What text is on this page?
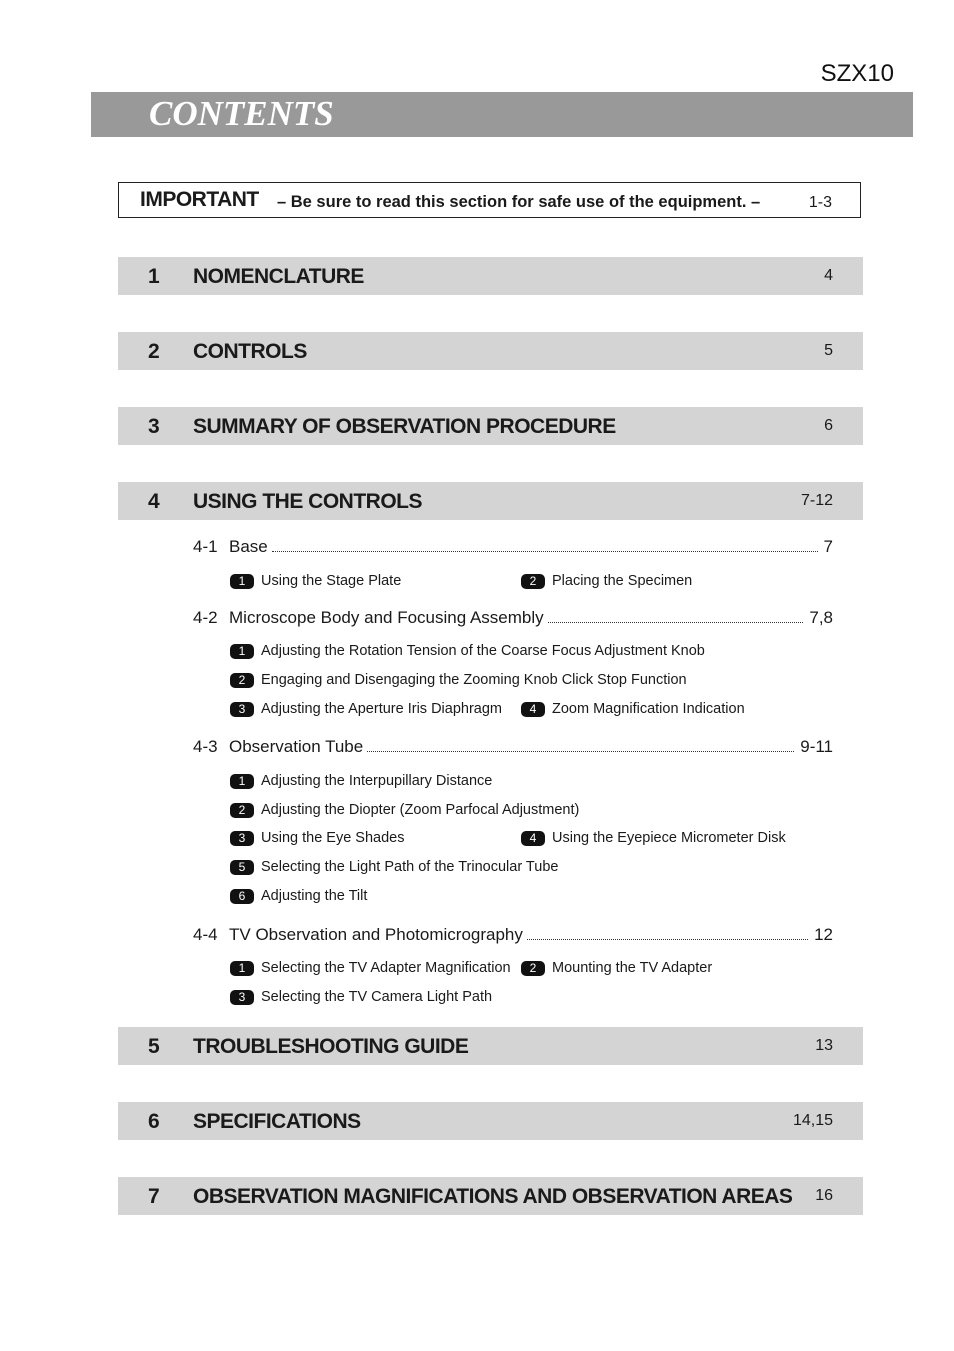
SZX10
CONTENTS
IMPORTANT – Be sure to read this section for safe use of the equipment. –	1-3
1 NOMENCLATURE	4
2 CONTROLS	5
3 SUMMARY OF OBSERVATION PROCEDURE	6
4 USING THE CONTROLS	7-12
4-1 Base	7
1	Using the Stage Plate	2	Placing the Specimen
4-2 Microscope Body and Focusing Assembly	7,8
1	Adjusting the Rotation Tension of the Coarse Focus Adjustment Knob
2	Engaging and Disengaging the Zooming Knob Click Stop Function
3	Adjusting the Aperture Iris Diaphragm	4	Zoom Magnification Indication
4-3 Observation Tube	9-11
1	Adjusting the Interpupillary Distance
2	Adjusting the Diopter (Zoom Parfocal Adjustment)
3	Using the Eye Shades	4	Using the Eyepiece Micrometer Disk
5	Selecting the Light Path of the Trinocular Tube
6	Adjusting the Tilt
4-4 TV Observation and Photomicrography	12
1	Selecting the TV Adapter Magnification	2	Mounting the TV Adapter
3	Selecting the TV Camera Light Path
5 TROUBLESHOOTING GUIDE	13
6 SPECIFICATIONS	14,15
7 OBSERVATION MAGNIFICATIONS AND OBSERVATION AREAS 16
